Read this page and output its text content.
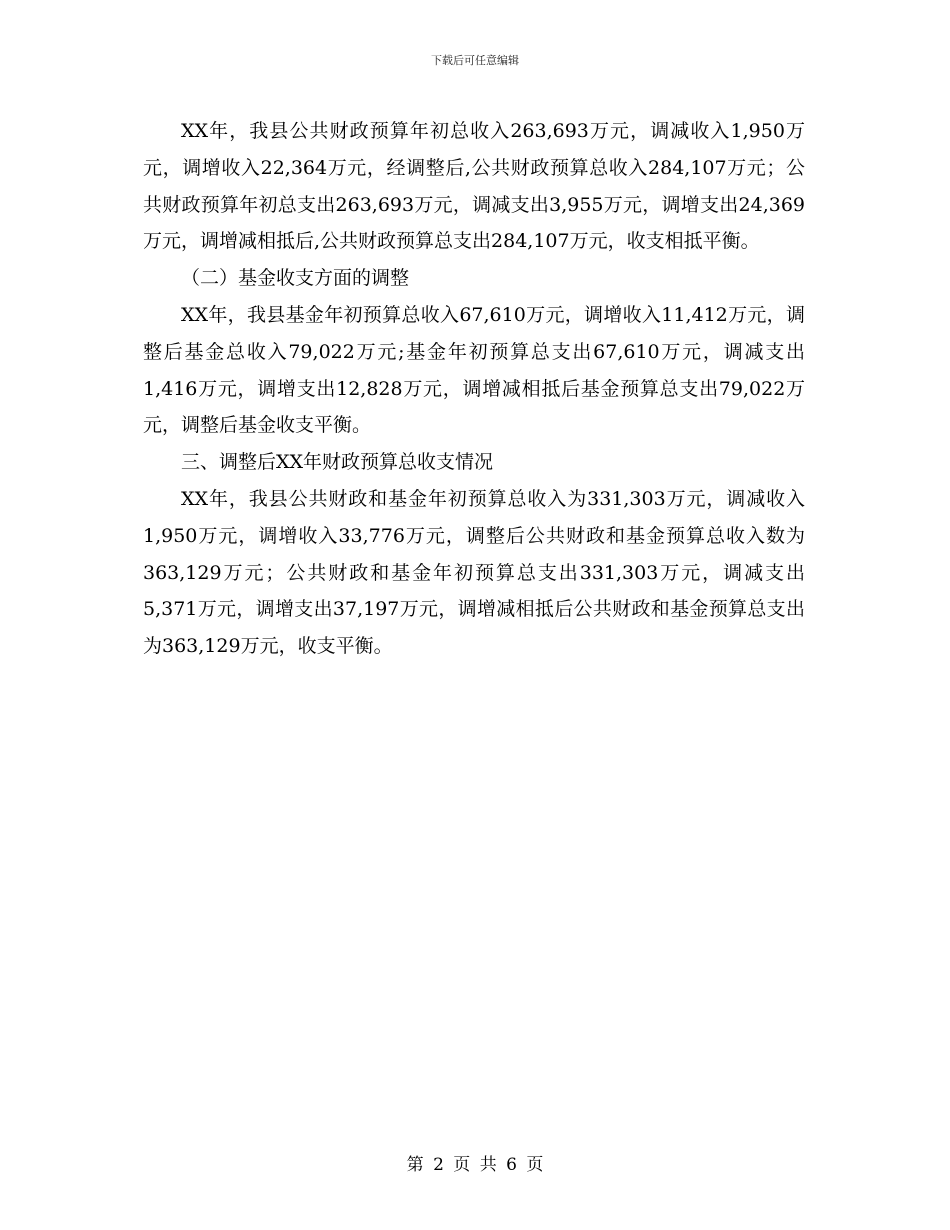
下载后可任意编辑

XX年，我县公共财政预算年初总收入263,693万元，调减收入1,950万元，调增收入22,364万元，经调整后,公共财政预算总收入284,107万元；公共财政预算年初总支出263,693万元，调减支出3,955万元，调增支出24,369万元，调增减相抵后,公共财政预算总支出284,107万元，收支相抵平衡。

（二）基金收支方面的调整

XX年，我县基金年初预算总收入67,610万元，调增收入11,412万元，调整后基金总收入79,022万元;基金年初预算总支出67,610万元，调减支出1,416万元，调增支出12,828万元，调增减相抵后基金预算总支出79,022万元，调整后基金收支平衡。

三、调整后XX年财政预算总收支情况

XX年，我县公共财政和基金年初预算总收入为331,303万元，调减收入1,950万元，调增收入33,776万元，调整后公共财政和基金预算总收入数为363,129万元；公共财政和基金年初预算总支出331,303万元，调减支出5,371万元，调增支出37,197万元，调增减相抵后公共财政和基金预算总支出为363,129万元，收支平衡。

第 2 页 共 6 页
